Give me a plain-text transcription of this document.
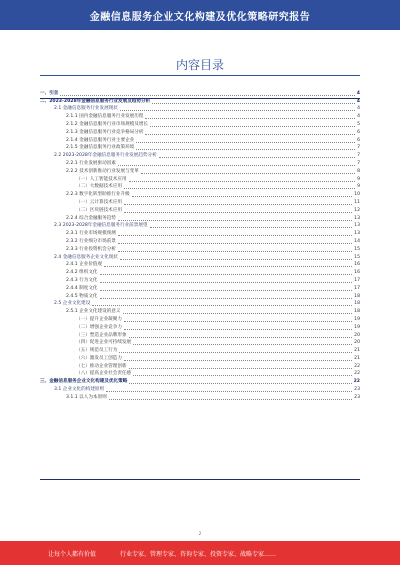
金融信息服务企业文化构建及优化策略研究报告
内容目录
一、引言	4
二、2023-2028年金融信息服务行业发展及趋势分析	4
2.1 金融信息服务行业发展现状	4
2.1.1 国内金融信息服务行业发展历程	4
2.1.2 金融信息服务行业市场规模及增长	5
2.1.3 金融信息服务行业竞争格局分析	6
2.1.4 金融信息服务行业主要企业	6
2.1.5 金融信息服务行业政策环境	7
2.2 2023-2028年金融信息服务行业发展趋势分析	7
2.2.1 行业发展驱动因素	7
2.2.2 技术创新推动行业发展与变革	8
（一）人工智能技术应用	9
（二）大数据技术应用	9
2.2.3 数字化转型助推行业升级	10
（一）云计算技术应用	11
（二）区块链技术应用	12
2.2.4 综合金融服务趋势	13
2.3 2023-2028年金融信息服务行业前景展望	13
2.3.1 行业市场规模预测	13
2.3.2 行业细分市场前景	14
2.3.3 行业投资机会分析	15
2.4 金融信息服务企业文化现状	15
2.4.1 企业价值观	16
2.4.2 组织文化	16
2.4.3 行为文化	17
2.4.4 制度文化	17
2.4.5 物质文化	18
2.5 企业文化建设	18
2.5.1 企业文化建设的意义	18
（一）提升企业凝聚力	19
（二）增强企业竞争力	19
（三）塑造企业品牌形象	20
（四）促进企业可持续发展	20
（五）规范员工行为	21
（六）激发员工创造力	21
（七）推动企业管理创新	22
（八）提高企业社会责任感	22
三、金融信息服务企业文化构建及优化策略	22
3.1 企业文化的构建原则	23
3.1.1 以人为本原则	23
2
让每个人都有价值	行业专家、管理专家、咨询专家、投资专家、战略专家……
